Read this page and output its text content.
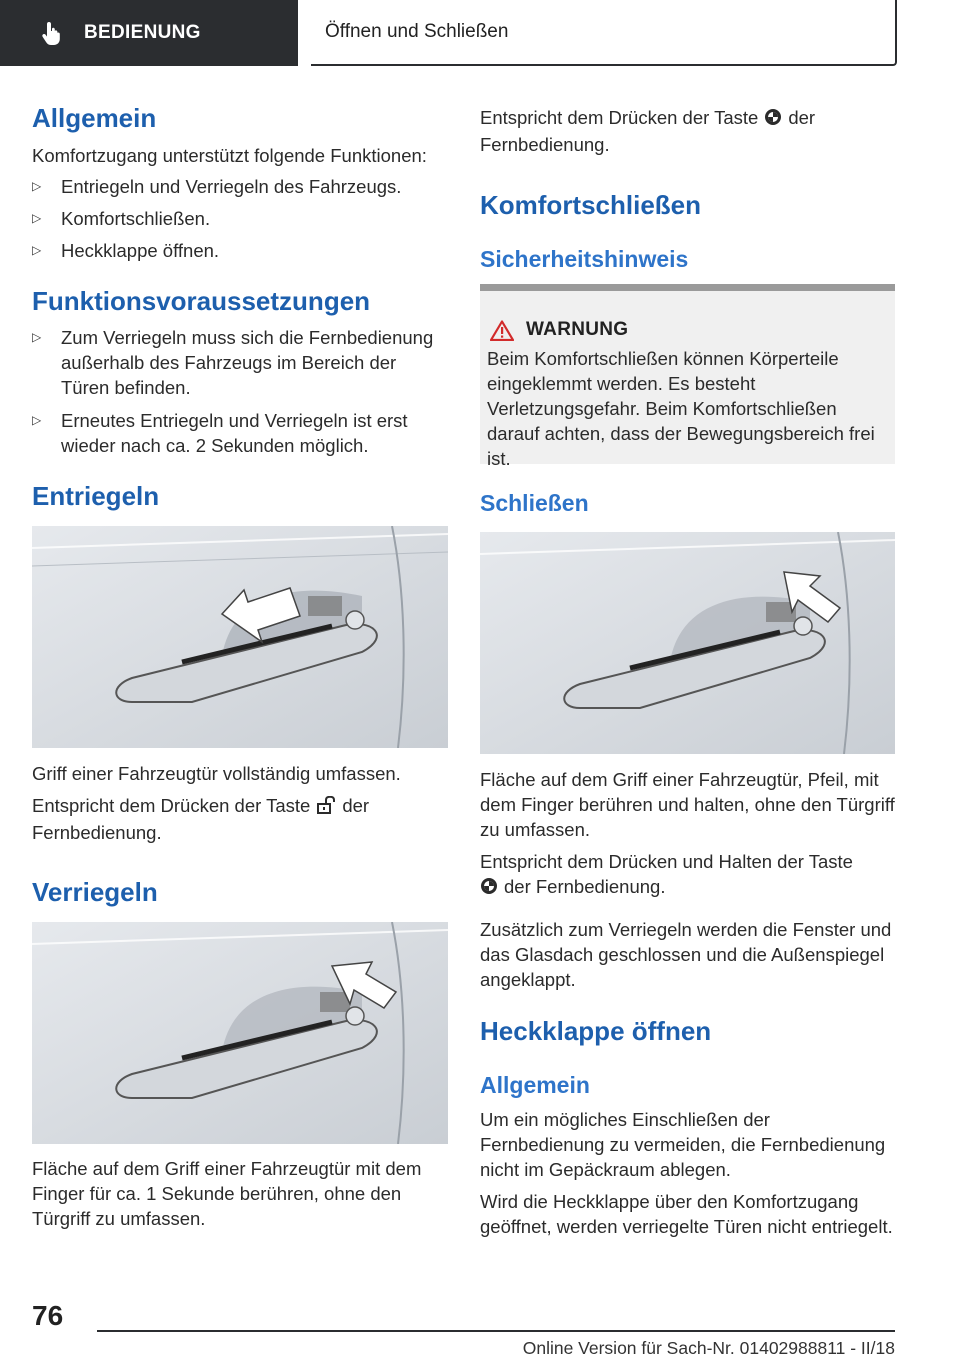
BEDIENUNG	Öffnen und Schließen
Allgemein

Komfortzugang unterstützt folgende Funktionen:

▷ Entriegeln und Verriegeln des Fahrzeugs.
▷ Komfortschließen.
▷ Heckklappe öffnen.
Funktionsvoraussetzungen
▷ Zum Verriegeln muss sich die Fernbedienung außerhalb des Fahrzeugs im Bereich der Türen befinden.
▷ Erneutes Entriegeln und Verriegeln ist erst wieder nach ca. 2 Sekunden möglich.
Entriegeln

Griff einer Fahrzeugtür vollständig umfassen.

Entspricht dem Drücken der Taste der Fernbedienung.

Verriegeln

Fläche auf dem Griff einer Fahrzeugtür mit dem Finger für ca. 1 Sekunde berühren, ohne den Türgriff zu umfassen.

Entspricht dem Drücken der Taste der Fernbedienung.

Komfortschließen
Sicherheitshinweis
WARNUNG
Beim Komfortschließen können Körperteile eingeklemmt werden. Es besteht Verletzungsgefahr. Beim Komfortschließen darauf achten, dass der Bewegungsbereich frei ist.
Schließen

Fläche auf dem Griff einer Fahrzeugtür, Pfeil, mit dem Finger berühren und halten, ohne den Türgriff zu umfassen.

Entspricht dem Drücken und Halten der Taste
der Fernbedienung.

Zusätzlich zum Verriegeln werden die Fenster und das Glasdach geschlossen und die Außenspiegel angeklappt.

Heckklappe öffnen
Allgemein

Um ein mögliches Einschließen der Fernbedienung zu vermeiden, die Fernbedienung nicht im Gepäckraum ablegen.

Wird die Heckklappe über den Komfortzugang geöffnet, werden verriegelte Türen nicht entriegelt.

76
Online Version für Sach-Nr. 01402988811 - II/18
